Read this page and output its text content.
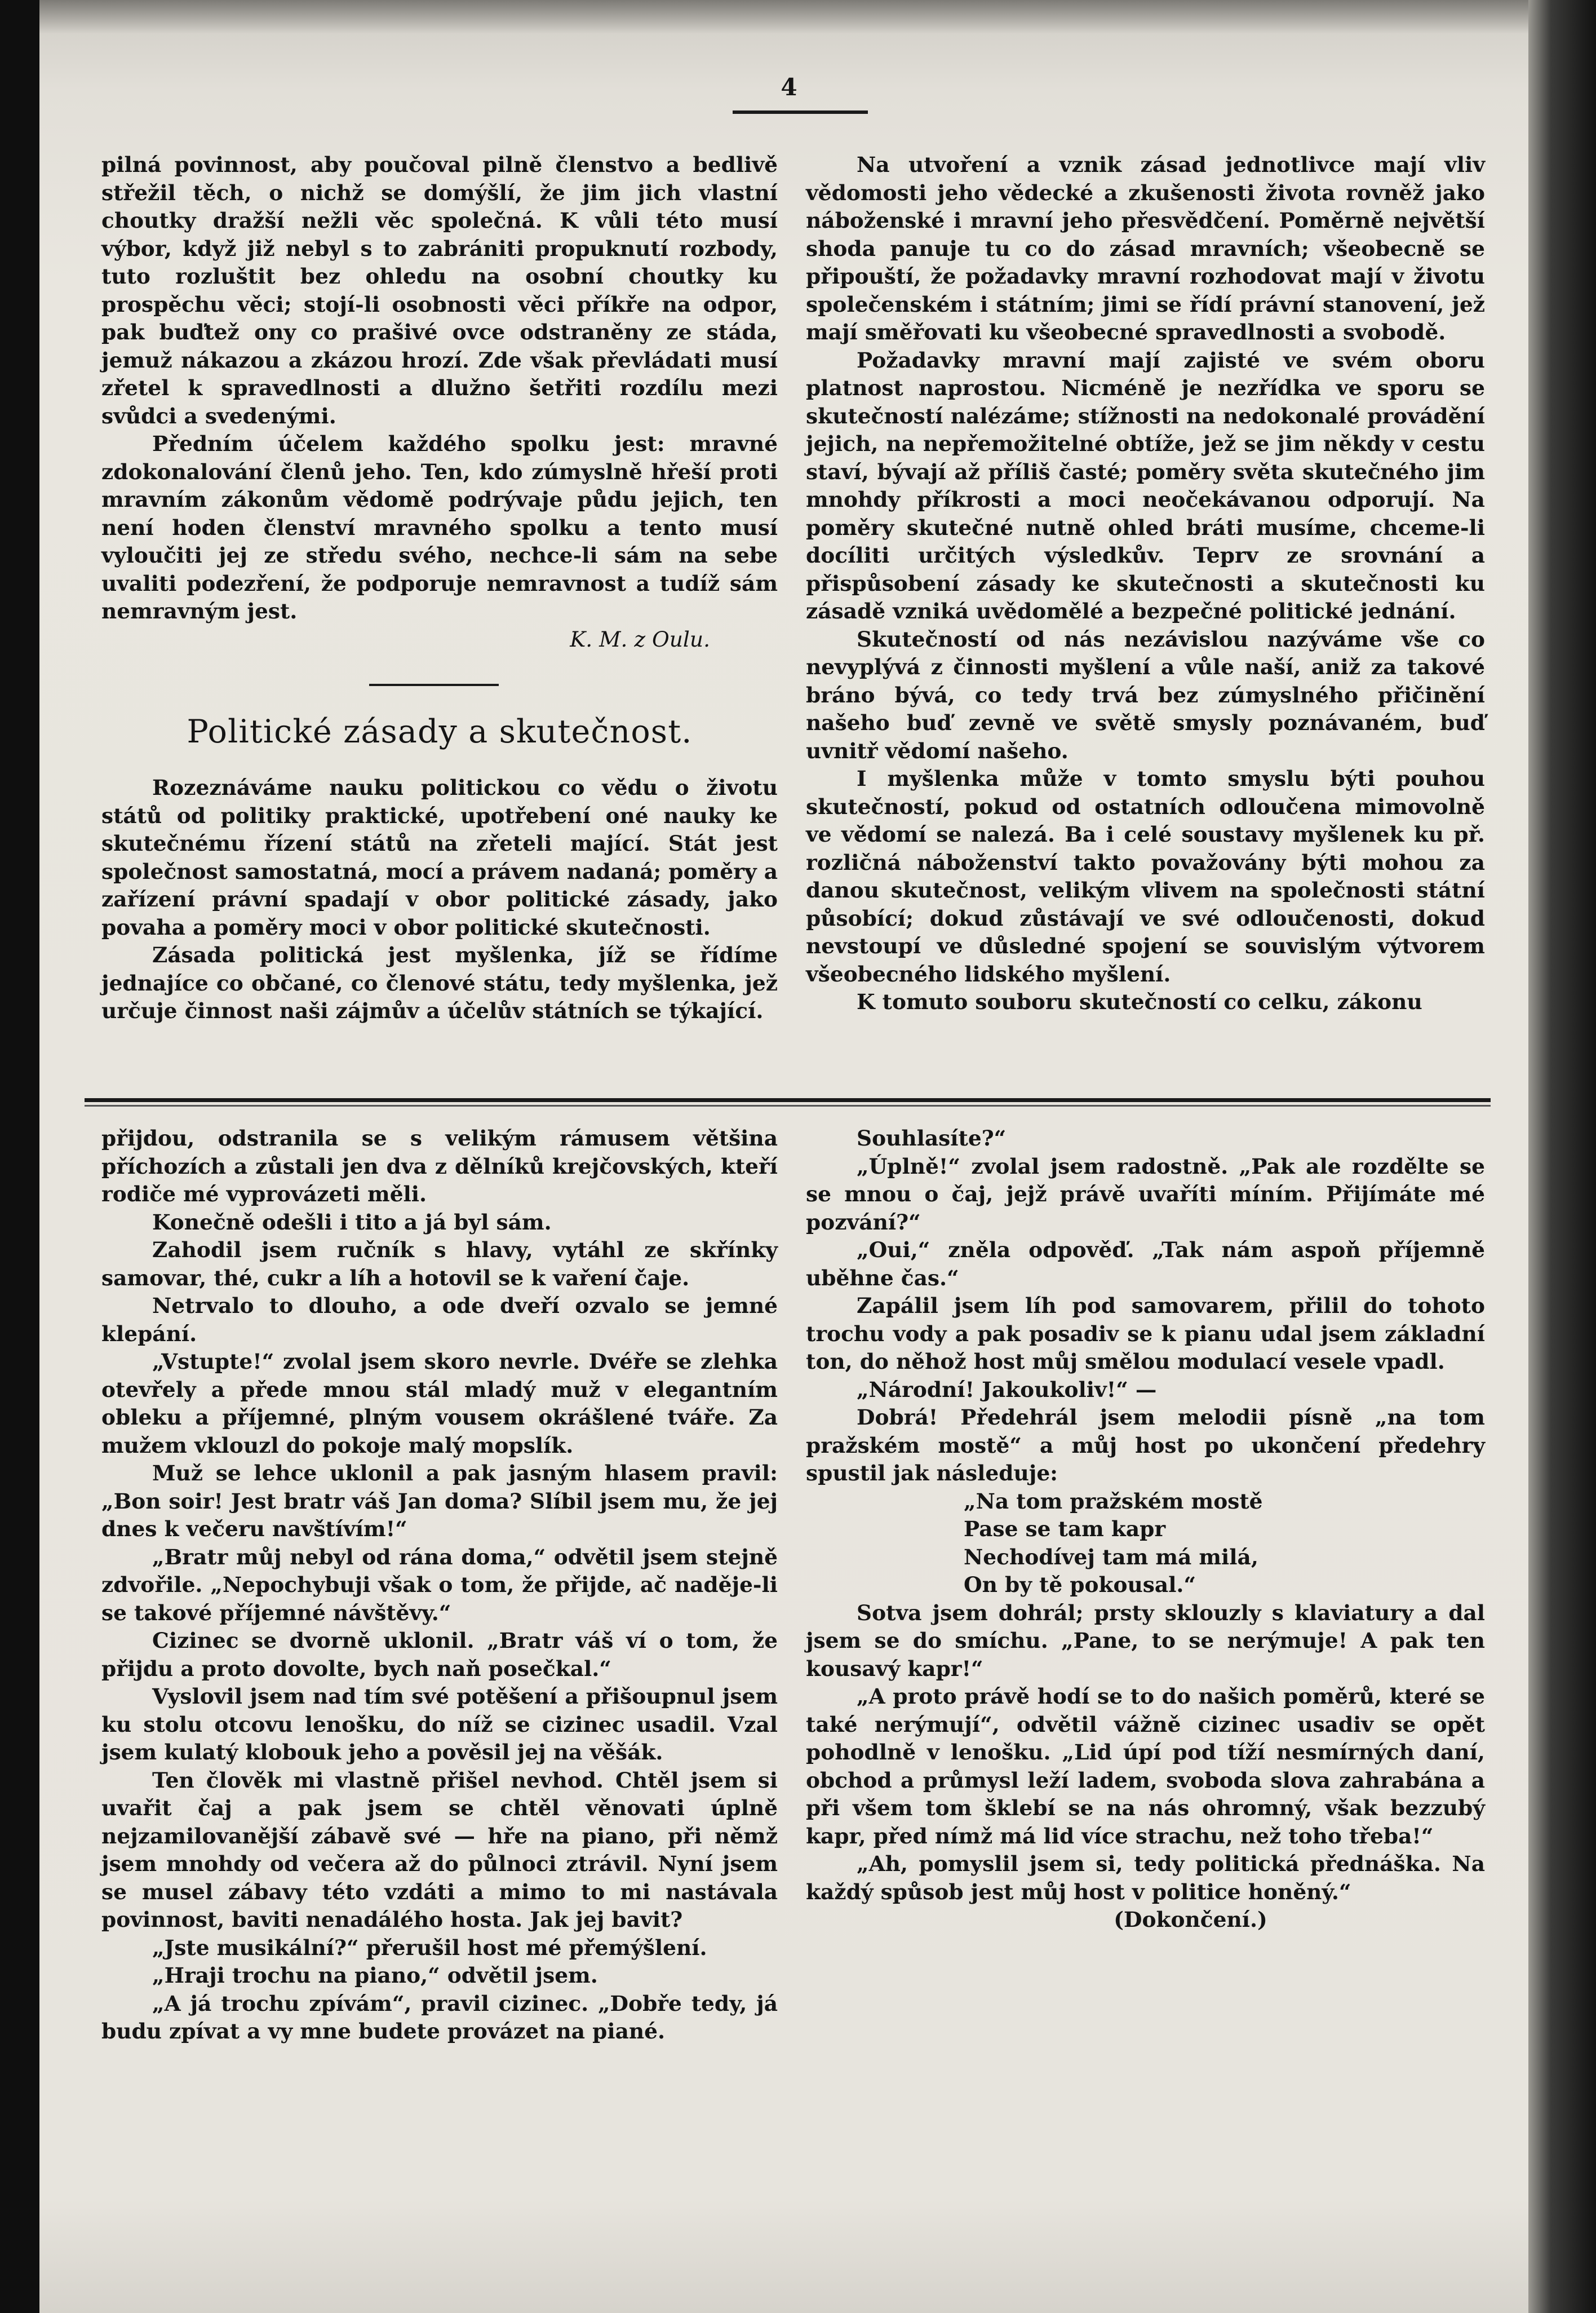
4

pilná povinnost, aby poučoval pilně členstvo a bedlivě střežil těch, o nichž se domýšlí, že jim jich vlastní choutky dražší nežli věc společná. K vůli této musí výbor, když již nebyl s to zabrániti propuknutí rozbody, tuto rozluštit bez ohledu na osobní choutky ku prospěchu věci; stojí-li osobnosti věci příkře na odpor, pak buďtež ony co prašivé ovce odstraněny ze stáda, jemuž nákazou a zkázou hrozí. Zde však převládati musí zřetel k spravedlnosti a dlužno šetřiti rozdílu mezi svůdci a svedenými.

Předním účelem každého spolku jest: mravné zdokonalování členů jeho. Ten, kdo zúmyslně hřeší proti mravním zákonům vědomě podrývaje půdu jejich, ten není hoden členství mravného spolku a tento musí vyloučiti jej ze středu svého, nechce-li sám na sebe uvaliti podezření, že podporuje nemravnost a tudíž sám nemravným jest.

K. M. z Oulu.

Politické zásady a skutečnost.

Rozeznáváme nauku politickou co vědu o životu států od politiky praktické, upotřebení oné nauky ke skutečnému řízení států na zřeteli mající. Stát jest společnost samostatná, mocí a právem nadaná; poměry a zařízení právní spadají v obor politické zásady, jako povaha a poměry moci v obor politické skutečnosti.

Zásada politická jest myšlenka, jíž se řídíme jednajíce co občané, co členové státu, tedy myšlenka, jež určuje činnost naši zájmův a účelův státních se týkající.

Na utvoření a vznik zásad jednotlivce mají vliv vědomosti jeho vědecké a zkušenosti života rovněž jako náboženské i mravní jeho přesvědčení. Poměrně největší shoda panuje tu co do zásad mravních; všeobecně se připouští, že požadavky mravní rozhodovat mají v životu společenském i státním; jimi se řídí právní stanovení, jež mají směřovati ku všeobecné spravedlnosti a svobodě.

Požadavky mravní mají zajisté ve svém oboru platnost naprostou. Nicméně je nezřídka ve sporu se skutečností nalézáme; stížnosti na nedokonalé provádění jejich, na nepřemožitelné obtíže, jež se jim někdy v cestu staví, bývají až příliš časté; poměry světa skutečného jim mnohdy příkrosti a moci neočekávanou odporují. Na poměry skutečné nutně ohled bráti musíme, chceme-li docíliti určitých výsledkův. Teprv ze srovnání a přispůsobení zásady ke skutečnosti a skutečnosti ku zásadě vzniká uvědomělé a bezpečné politické jednání.

Skutečností od nás nezávislou nazýváme vše co nevyplývá z činnosti myšlení a vůle naší, aniž za takové bráno bývá, co tedy trvá bez zúmyslného přičinění našeho buď zevně ve světě smysly poznávaném, buď uvnitř vědomí našeho.

I myšlenka může v tomto smyslu býti pouhou skutečností, pokud od ostatních odloučena mimovolně ve vědomí se nalezá. Ba i celé soustavy myšlenek ku př. rozličná náboženství takto považovány býti mohou za danou skutečnost, velikým vlivem na společnosti státní působící; dokud zůstávají ve své odloučenosti, dokud nevstoupí ve důsledné spojení se souvislým výtvorem všeobecného lidského myšlení.

K tomuto souboru skutečností co celku, zákonu

přijdou, odstranila se s velikým rámusem většina příchozích a zůstali jen dva z dělníků krejčovských, kteří rodiče mé vyprovázeti měli.

Konečně odešli i tito a já byl sám.

Zahodil jsem ručník s hlavy, vytáhl ze skřínky samovar, thé, cukr a líh a hotovil se k vaření čaje.

Netrvalo to dlouho, a ode dveří ozvalo se jemné klepání.

„Vstupte!“ zvolal jsem skoro nevrle. Dvéře se zlehka otevřely a přede mnou stál mladý muž v elegantním obleku a příjemné, plným vousem okrášlené tváře. Za mužem vklouzl do pokoje malý mopslík.

Muž se lehce uklonil a pak jasným hlasem pravil: „Bon soir! Jest bratr váš Jan doma? Slíbil jsem mu, že jej dnes k večeru navštívím!“

„Bratr můj nebyl od rána doma,“ odvětil jsem stejně zdvořile. „Nepochybuji však o tom, že přijde, ač naděje-li se takové příjemné návštěvy.“

Cizinec se dvorně uklonil. „Bratr váš ví o tom, že přijdu a proto dovolte, bych naň posečkal.“

Vyslovil jsem nad tím své potěšení a přišoupnul jsem ku stolu otcovu lenošku, do níž se cizinec usadil. Vzal jsem kulatý klobouk jeho a pověsil jej na věšák.

Ten člověk mi vlastně přišel nevhod. Chtěl jsem si uvařit čaj a pak jsem se chtěl věnovati úplně nejzamilovanější zábavě své — hře na piano, při němž jsem mnohdy od večera až do půlnoci ztrávil. Nyní jsem se musel zábavy této vzdáti a mimo to mi nastávala povinnost, baviti nenadálého hosta. Jak jej bavit?

„Jste musikální?“ přerušil host mé přemýšlení.

„Hraji trochu na piano,“ odvětil jsem.

„A já trochu zpívám“, pravil cizinec. „Dobře tedy, já budu zpívat a vy mne budete provázet na piané.

Souhlasíte?“

„Úplně!“ zvolal jsem radostně. „Pak ale rozdělte se se mnou o čaj, jejž právě uvaříti míním. Přijímáte mé pozvání?“

„Oui,“ zněla odpověď. „Tak nám aspoň příjemně uběhne čas.“

Zapálil jsem líh pod samovarem, přilil do tohoto trochu vody a pak posadiv se k pianu udal jsem základní ton, do něhož host můj smělou modulací vesele vpadl.

„Národní! Jakoukoliv!“ —

Dobrá! Předehrál jsem melodii písně „na tom pražském mostě“ a můj host po ukončení předehry spustil jak následuje:

„Na tom pražském mostě
Pase se tam kapr
Nechodívej tam má milá,
On by tě pokousal.“

Sotva jsem dohrál; prsty sklouzly s klaviatury a dal jsem se do smíchu. „Pane, to se nerýmuje! A pak ten kousavý kapr!“

„A proto právě hodí se to do našich poměrů, které se také nerýmují“, odvětil vážně cizinec usadiv se opět pohodlně v lenošku. „Lid úpí pod tíží nesmírných daní, obchod a průmysl leží ladem, svoboda slova zahrabána a při všem tom šklebí se na nás ohromný, však bezzubý kapr, před nímž má lid více strachu, než toho třeba!“

„Ah, pomyslil jsem si, tedy politická přednáška. Na každý spůsob jest můj host v politice honěný.“

(Dokončení.)
